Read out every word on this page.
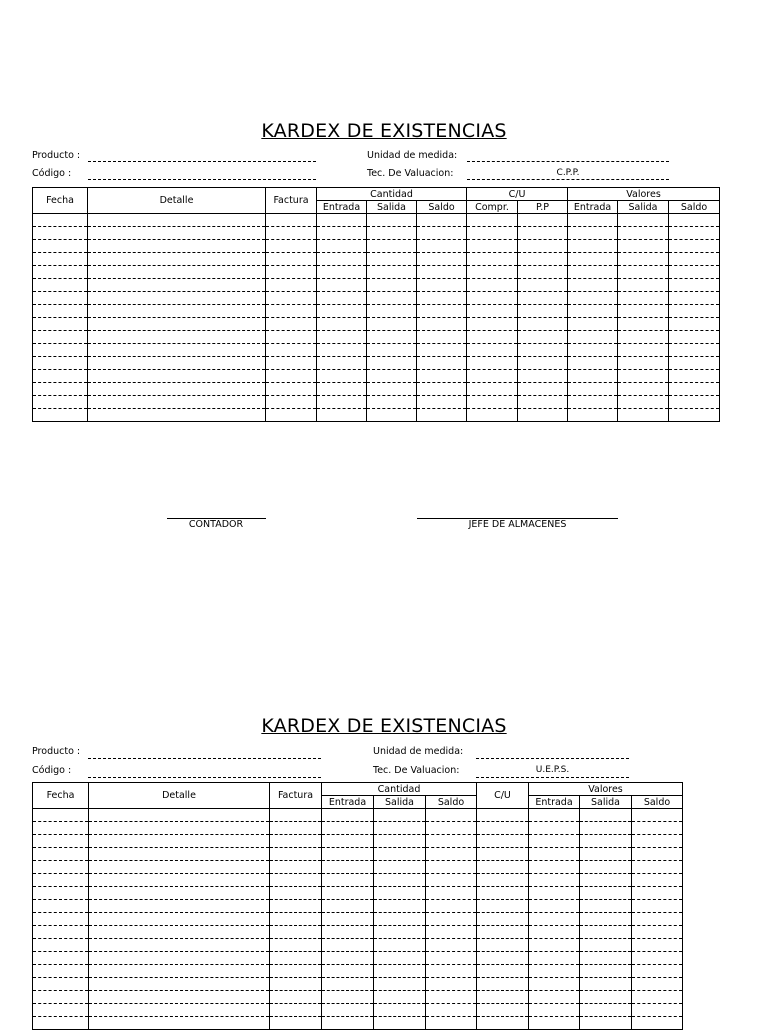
KARDEX DE EXISTENCIAS
Producto :
Código :
Unidad de medida:
Tec. De Valuacion:	C.P.P.
Fecha	Detalle	Factura	Cantidad			C/U		Valores		
			Entrada	Salida	Saldo	Compr.	P.P	Entrada	Salida	Saldo

CONTADOR	JEFE DE ALMACENES
KARDEX DE EXISTENCIAS
Producto :
Código :
Unidad de medida:
Tec. De Valuacion:	U.E.P.S.
Fecha	Detalle	Factura	Cantidad			C/U	Valores		
			Entrada	Salida	Saldo		Entrada	Salida	Saldo
